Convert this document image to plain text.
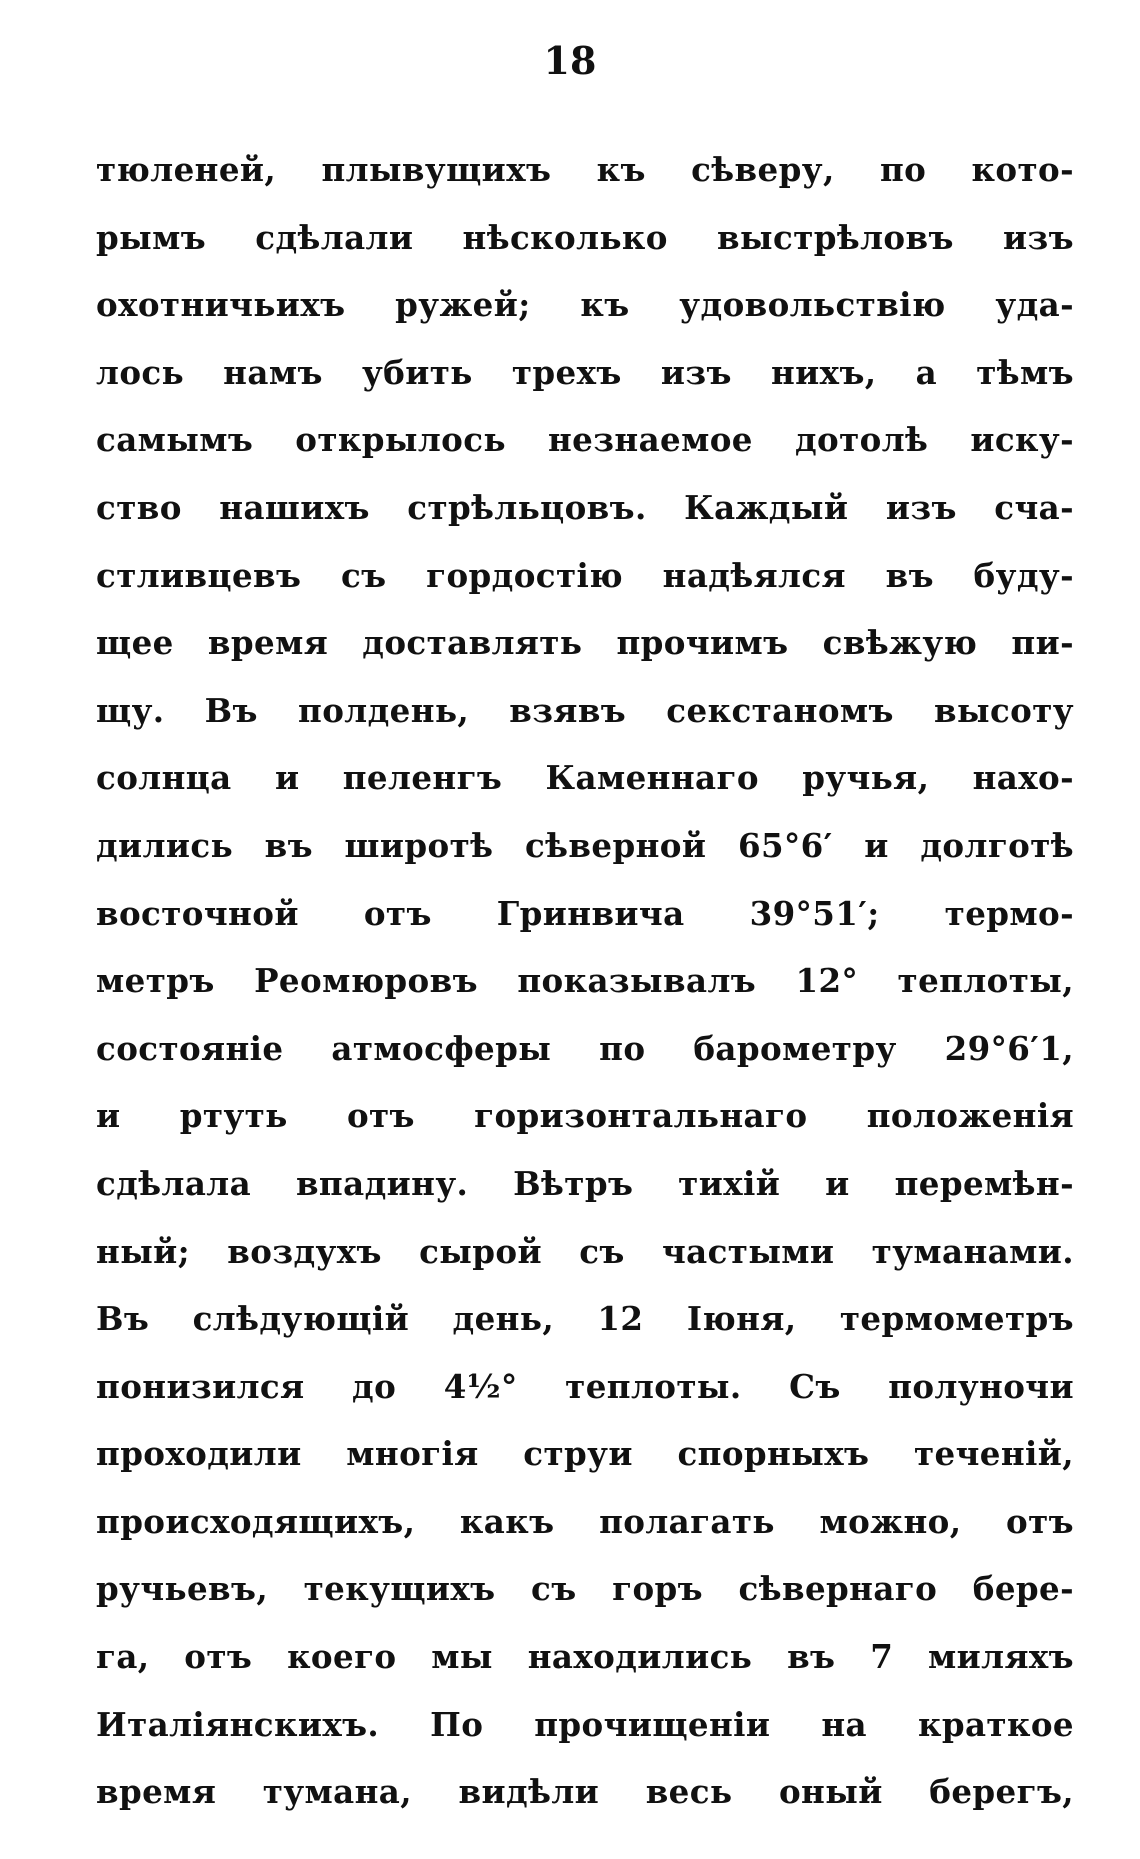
18
тюленей, плывущихъ къ сѣверу, по кото-
рымъ сдѣлали нѣсколько выстрѣловъ изъ
охотничьихъ ружей; къ удовольствію уда-
лось намъ убить трехъ изъ нихъ, а тѣмъ
самымъ открылось незнаемое дотолѣ иску-
ство нашихъ стрѣльцовъ. Каждый изъ сча-
стливцевъ съ гордостію надѣялся въ буду-
щее время доставлять прочимъ свѣжую пи-
щу. Въ полдень, взявъ секстаномъ высоту
солнца и пеленгъ Каменнаго ручья, нахо-
дились въ широтѣ сѣверной 65°6′ и долготѣ
восточной отъ Гринвича 39°51′; термо-
метръ Реомюровъ показывалъ 12° теплоты,
состояніе атмосферы по барометру 29°6′1,
и ртуть отъ горизонтальнаго положенія
сдѣлала впадину. Вѣтръ тихій и перемѣн-
ный; воздухъ сырой съ частыми туманами.
Въ слѣдующій день, 12 Іюня, термометръ
понизился до 4½° теплоты. Съ полуночи
проходили многія струи спорныхъ теченій,
происходящихъ, какъ полагать можно, отъ
ручьевъ, текущихъ съ горъ сѣвернаго бере-
га, отъ коего мы находились въ 7 миляхъ
Италіянскихъ. По прочищеніи на краткое
время тумана, видѣли весь оный берегъ,
